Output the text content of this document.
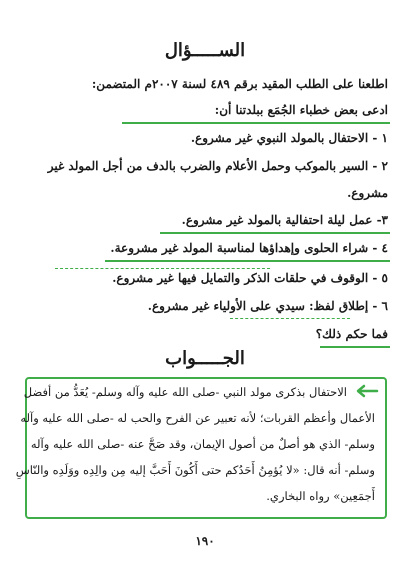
الســـــؤال
اطلعنا على الطلب المقيد برقم ٤٨٩ لسنة ٢٠٠٧م المتضمن:
ادعى بعض خطباء الجُمَع ببلدتنا أن:
١ - الاحتفال بالمولد النبوي غير مشروع.
٢ - السير بالموكب وحمل الأعلام والضرب بالدف من أجل المولد غير
مشروع.
٣- عمل ليلة احتفالية بالمولد غير مشروع.
٤ - شراء الحلوى وإهداؤها لمناسبة المولد غير مشروعة.
٥ - الوقوف في حلقات الذكر والتمايل فيها غير مشروع.
٦ - إطلاق لفظ: سيدي على الأولياء غير مشروع.
فما حكم ذلك؟
الجـــــواب
الاحتفال بذكرى مولد النبي -صلى الله عليه وآله وسلم- يُعَدُّ من أفضل
الأعمال وأعظم القربات؛ لأنه تعبير عن الفرح والحب له -صلى الله عليه وآله
وسلم- الذي هو أصلٌ من أصول الإيمان، وقد صَحَّ عنه -صلى الله عليه وآله
وسلم- أنه قال: «لا يُؤمِنُ أَحَدُكم حتى أَكُونَ أَحَبَّ إليه مِن والِدِه ووَلَدِه والنّاسِ
أَجمَعِين» رواه البخاري.
١٩٠
